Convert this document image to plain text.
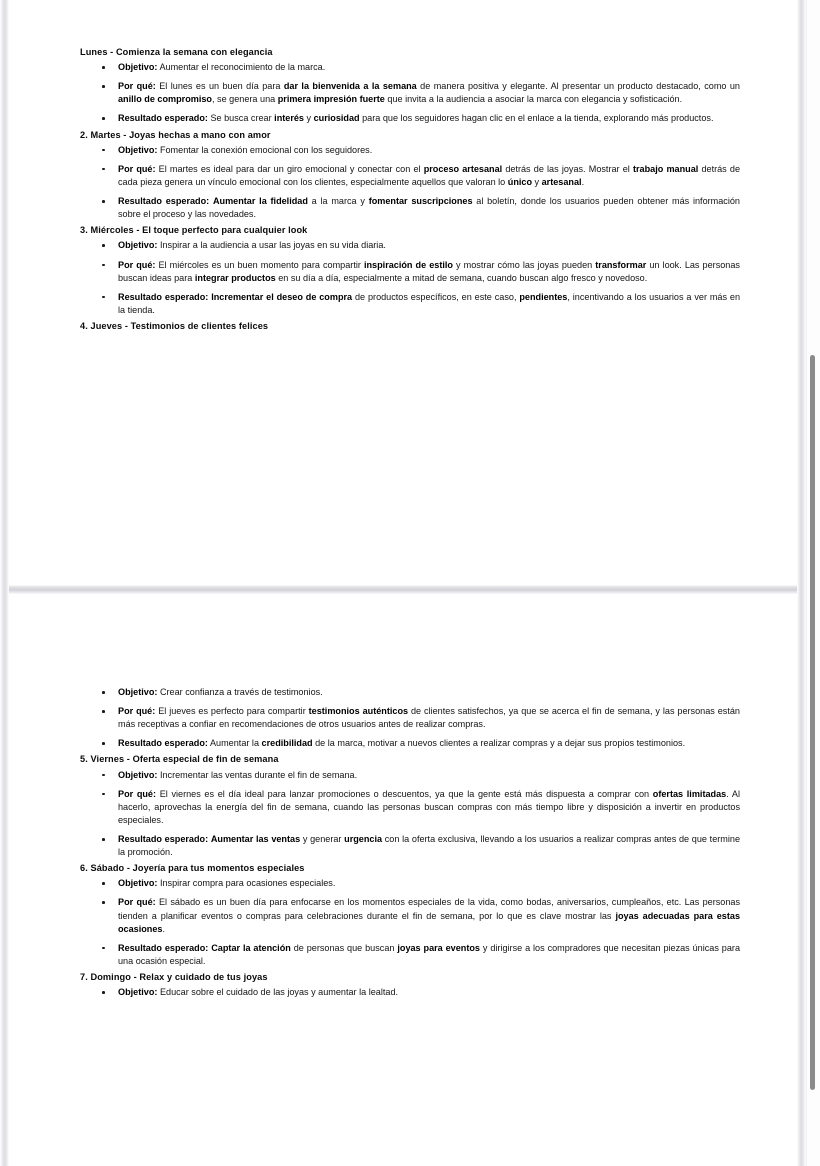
Lunes - Comienza la semana con elegancia
Objetivo: Aumentar el reconocimiento de la marca.
Por qué: El lunes es un buen día para dar la bienvenida a la semana de manera positiva y elegante. Al presentar un producto destacado, como un anillo de compromiso, se genera una primera impresión fuerte que invita a la audiencia a asociar la marca con elegancia y sofisticación.
Resultado esperado: Se busca crear interés y curiosidad para que los seguidores hagan clic en el enlace a la tienda, explorando más productos.
2. Martes - Joyas hechas a mano con amor
Objetivo: Fomentar la conexión emocional con los seguidores.
Por qué: El martes es ideal para dar un giro emocional y conectar con el proceso artesanal detrás de las joyas. Mostrar el trabajo manual detrás de cada pieza genera un vínculo emocional con los clientes, especialmente aquellos que valoran lo único y artesanal.
Resultado esperado: Aumentar la fidelidad a la marca y fomentar suscripciones al boletín, donde los usuarios pueden obtener más información sobre el proceso y las novedades.
3. Miércoles - El toque perfecto para cualquier look
Objetivo: Inspirar a la audiencia a usar las joyas en su vida diaria.
Por qué: El miércoles es un buen momento para compartir inspiración de estilo y mostrar cómo las joyas pueden transformar un look. Las personas buscan ideas para integrar productos en su día a día, especialmente a mitad de semana, cuando buscan algo fresco y novedoso.
Resultado esperado: Incrementar el deseo de compra de productos específicos, en este caso, pendientes, incentivando a los usuarios a ver más en la tienda.
4. Jueves - Testimonios de clientes felices
Objetivo: Crear confianza a través de testimonios.
Por qué: El jueves es perfecto para compartir testimonios auténticos de clientes satisfechos, ya que se acerca el fin de semana, y las personas están más receptivas a confiar en recomendaciones de otros usuarios antes de realizar compras.
Resultado esperado: Aumentar la credibilidad de la marca, motivar a nuevos clientes a realizar compras y a dejar sus propios testimonios.
5. Viernes - Oferta especial de fin de semana
Objetivo: Incrementar las ventas durante el fin de semana.
Por qué: El viernes es el día ideal para lanzar promociones o descuentos, ya que la gente está más dispuesta a comprar con ofertas limitadas. Al hacerlo, aprovechas la energía del fin de semana, cuando las personas buscan compras con más tiempo libre y disposición a invertir en productos especiales.
Resultado esperado: Aumentar las ventas y generar urgencia con la oferta exclusiva, llevando a los usuarios a realizar compras antes de que termine la promoción.
6. Sábado - Joyería para tus momentos especiales
Objetivo: Inspirar compra para ocasiones especiales.
Por qué: El sábado es un buen día para enfocarse en los momentos especiales de la vida, como bodas, aniversarios, cumpleaños, etc. Las personas tienden a planificar eventos o compras para celebraciones durante el fin de semana, por lo que es clave mostrar las joyas adecuadas para estas ocasiones.
Resultado esperado: Captar la atención de personas que buscan joyas para eventos y dirigirse a los compradores que necesitan piezas únicas para una ocasión especial.
7. Domingo - Relax y cuidado de tus joyas
Objetivo: Educar sobre el cuidado de las joyas y aumentar la lealtad.
